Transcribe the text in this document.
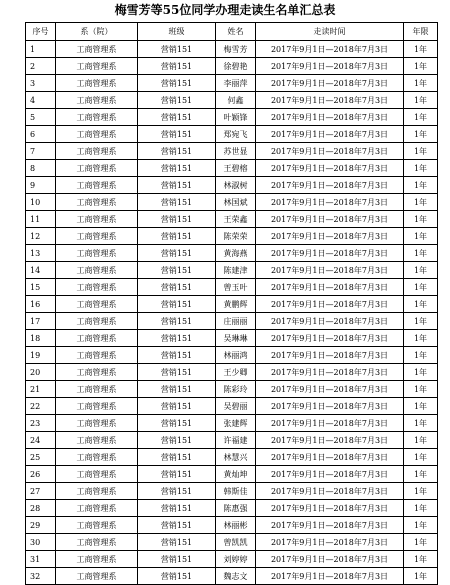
梅雪芳等55位同学办理走读生名单汇总表
序号	系（院）	班级	姓名	走读时间	年限
1	工商管理系	营销151	梅雪芳	2017年9月1日—2018年7月3日	1年
2	工商管理系	营销151	徐碧艳	2017年9月1日—2018年7月3日	1年
3	工商管理系	营销151	李丽萍	2017年9月1日—2018年7月3日	1年
4	工商管理系	营销151	何鑫	2017年9月1日—2018年7月3日	1年
5	工商管理系	营销151	叶颖锋	2017年9月1日—2018年7月3日	1年
6	工商管理系	营销151	郑宛飞	2017年9月1日—2018年7月3日	1年
7	工商管理系	营销151	苏世显	2017年9月1日—2018年7月3日	1年
8	工商管理系	营销151	王碧榕	2017年9月1日—2018年7月3日	1年
9	工商管理系	营销151	林淑树	2017年9月1日—2018年7月3日	1年
10	工商管理系	营销151	林国斌	2017年9月1日—2018年7月3日	1年
11	工商管理系	营销151	王荣鑫	2017年9月1日—2018年7月3日	1年
12	工商管理系	营销151	陈荣荣	2017年9月1日—2018年7月3日	1年
13	工商管理系	营销151	黄海燕	2017年9月1日—2018年7月3日	1年
14	工商管理系	营销151	陈建津	2017年9月1日—2018年7月3日	1年
15	工商管理系	营销151	曾玉叶	2017年9月1日—2018年7月3日	1年
16	工商管理系	营销151	黄鹏辉	2017年9月1日—2018年7月3日	1年
17	工商管理系	营销151	庄丽丽	2017年9月1日—2018年7月3日	1年
18	工商管理系	营销151	吴琳琳	2017年9月1日—2018年7月3日	1年
19	工商管理系	营销151	林丽鸿	2017年9月1日—2018年7月3日	1年
20	工商管理系	营销151	王少卿	2017年9月1日—2018年7月3日	1年
21	工商管理系	营销151	陈彩玲	2017年9月1日—2018年7月3日	1年
22	工商管理系	营销151	吴碧丽	2017年9月1日—2018年7月3日	1年
23	工商管理系	营销151	张建辉	2017年9月1日—2018年7月3日	1年
24	工商管理系	营销151	许福建	2017年9月1日—2018年7月3日	1年
25	工商管理系	营销151	林慧兴	2017年9月1日—2018年7月3日	1年
26	工商管理系	营销151	黄灿坤	2017年9月1日—2018年7月3日	1年
27	工商管理系	营销151	韩斯佳	2017年9月1日—2018年7月3日	1年
28	工商管理系	营销151	陈惠强	2017年9月1日—2018年7月3日	1年
29	工商管理系	营销151	林丽彬	2017年9月1日—2018年7月3日	1年
30	工商管理系	营销151	曾凯凯	2017年9月1日—2018年7月3日	1年
31	工商管理系	营销151	刘婷婷	2017年9月1日—2018年7月3日	1年
32	工商管理系	营销151	魏志文	2017年9月1日—2018年7月3日	1年
